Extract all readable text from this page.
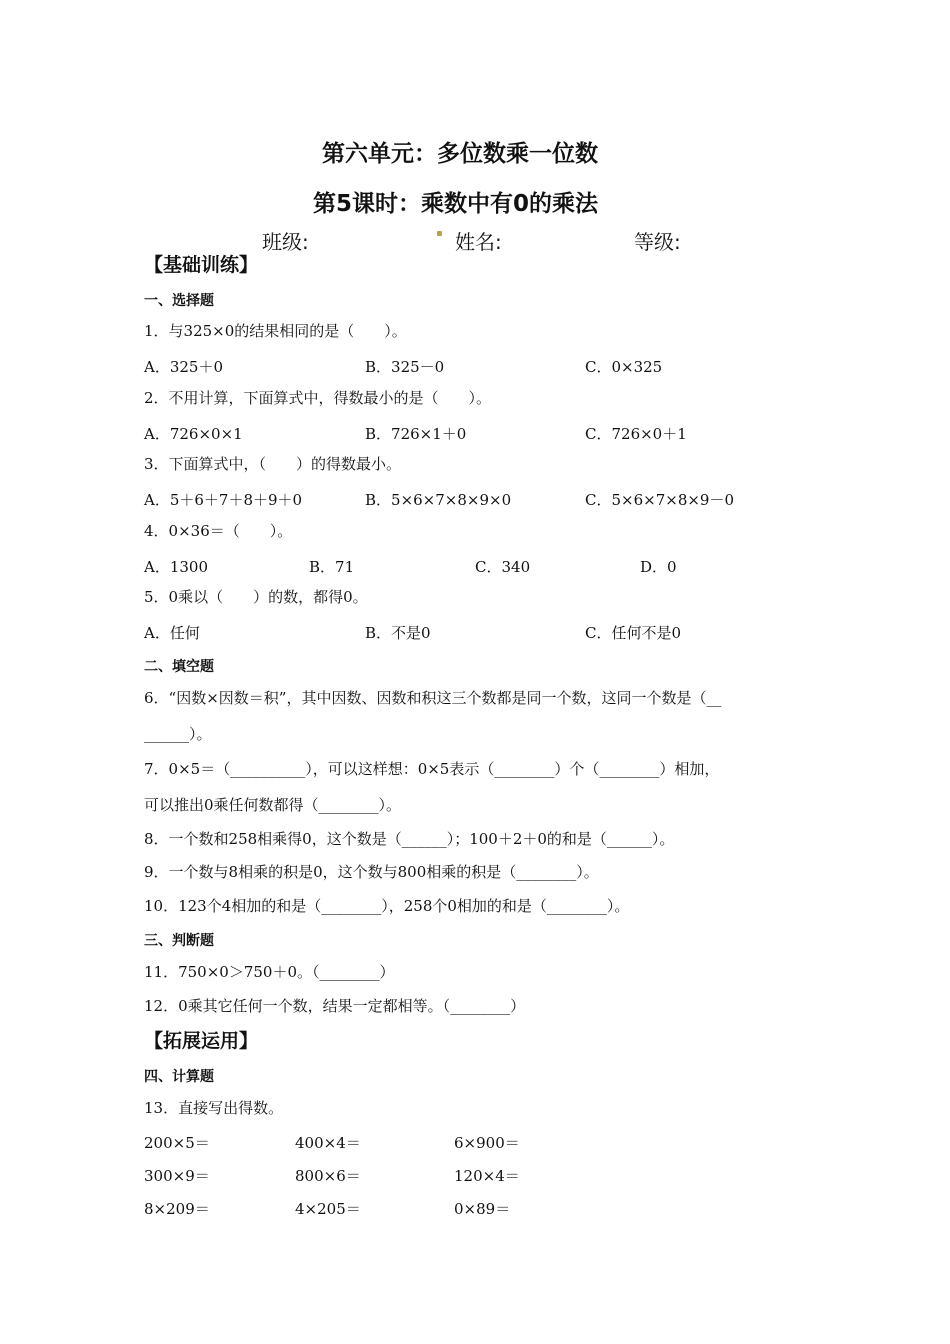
第六单元：多位数乘一位数
第5课时：乘数中有0的乘法
班级:	姓名:	等级:
【基础训练】
一、选择题
1．与325×0的结果相同的是（　　）。
A．325＋0	B．325－0	C．0×325
2．不用计算，下面算式中，得数最小的是（　　）。
A．726×0×1	B．726×1＋0	C．726×0＋1
3．下面算式中，（　　）的得数最小。
A．5＋6＋7＋8＋9＋0	B．5×6×7×8×9×0	C．5×6×7×8×9－0
4．0×36＝（　　）。
A．1300	B．71	C．340	D．0
5．0乘以（　　）的数，都得0。
A．任何	B．不是0	C．任何不是0
二、填空题
6．“因数×因数＝积”，其中因数、因数和积这三个数都是同一个数，这同一个数是（__
______）。
7．0×5＝（__________），可以这样想：0×5表示（________）个（________）相加，
可以推出0乘任何数都得（________）。
8．一个数和258相乘得0，这个数是（______）；100＋2＋0的和是（______）。
9．一个数与8相乘的积是0，这个数与800相乘的积是（________）。
10．123个4相加的和是（________），258个0相加的和是（________）。
三、判断题
11．750×0＞750＋0。（________）
12．0乘其它任何一个数，结果一定都相等。（________）
【拓展运用】
四、计算题
13．直接写出得数。
200×5＝	400×4＝	6×900＝
300×9＝	800×6＝	120×4＝
8×209＝	4×205＝	0×89＝
